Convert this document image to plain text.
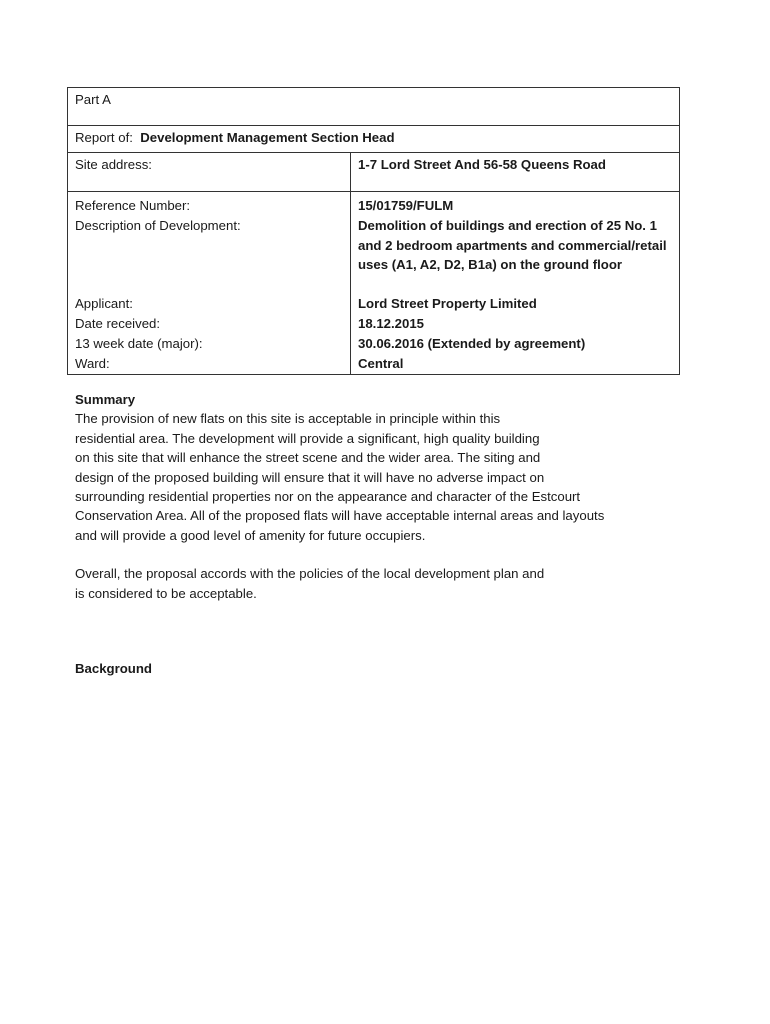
Part A
Report of: Development Management Section Head
Site address:	1-7 Lord Street And 56-58 Queens Road
Reference Number:	15/01759/FULM
Description of Development:	Demolition of buildings and erection of 25 No. 1 and 2 bedroom apartments and commercial/retail uses (A1, A2, D2, B1a) on the ground floor
Applicant:	Lord Street Property Limited
Date received:	18.12.2015
13 week date (major):	30.06.2016 (Extended by agreement)
Ward:	Central
Summary

The provision of new flats on this site is acceptable in principle within this
residential area. The development will provide a significant, high quality building
on this site that will enhance the street scene and the wider area. The siting and
design of the proposed building will ensure that it will have no adverse impact on
surrounding residential properties nor on the appearance and character of the Estcourt
Conservation Area. All of the proposed flats will have acceptable internal areas and layouts
and will provide a good level of amenity for future occupiers.

Overall, the proposal accords with the policies of the local development plan and
is considered to be acceptable.

Background
